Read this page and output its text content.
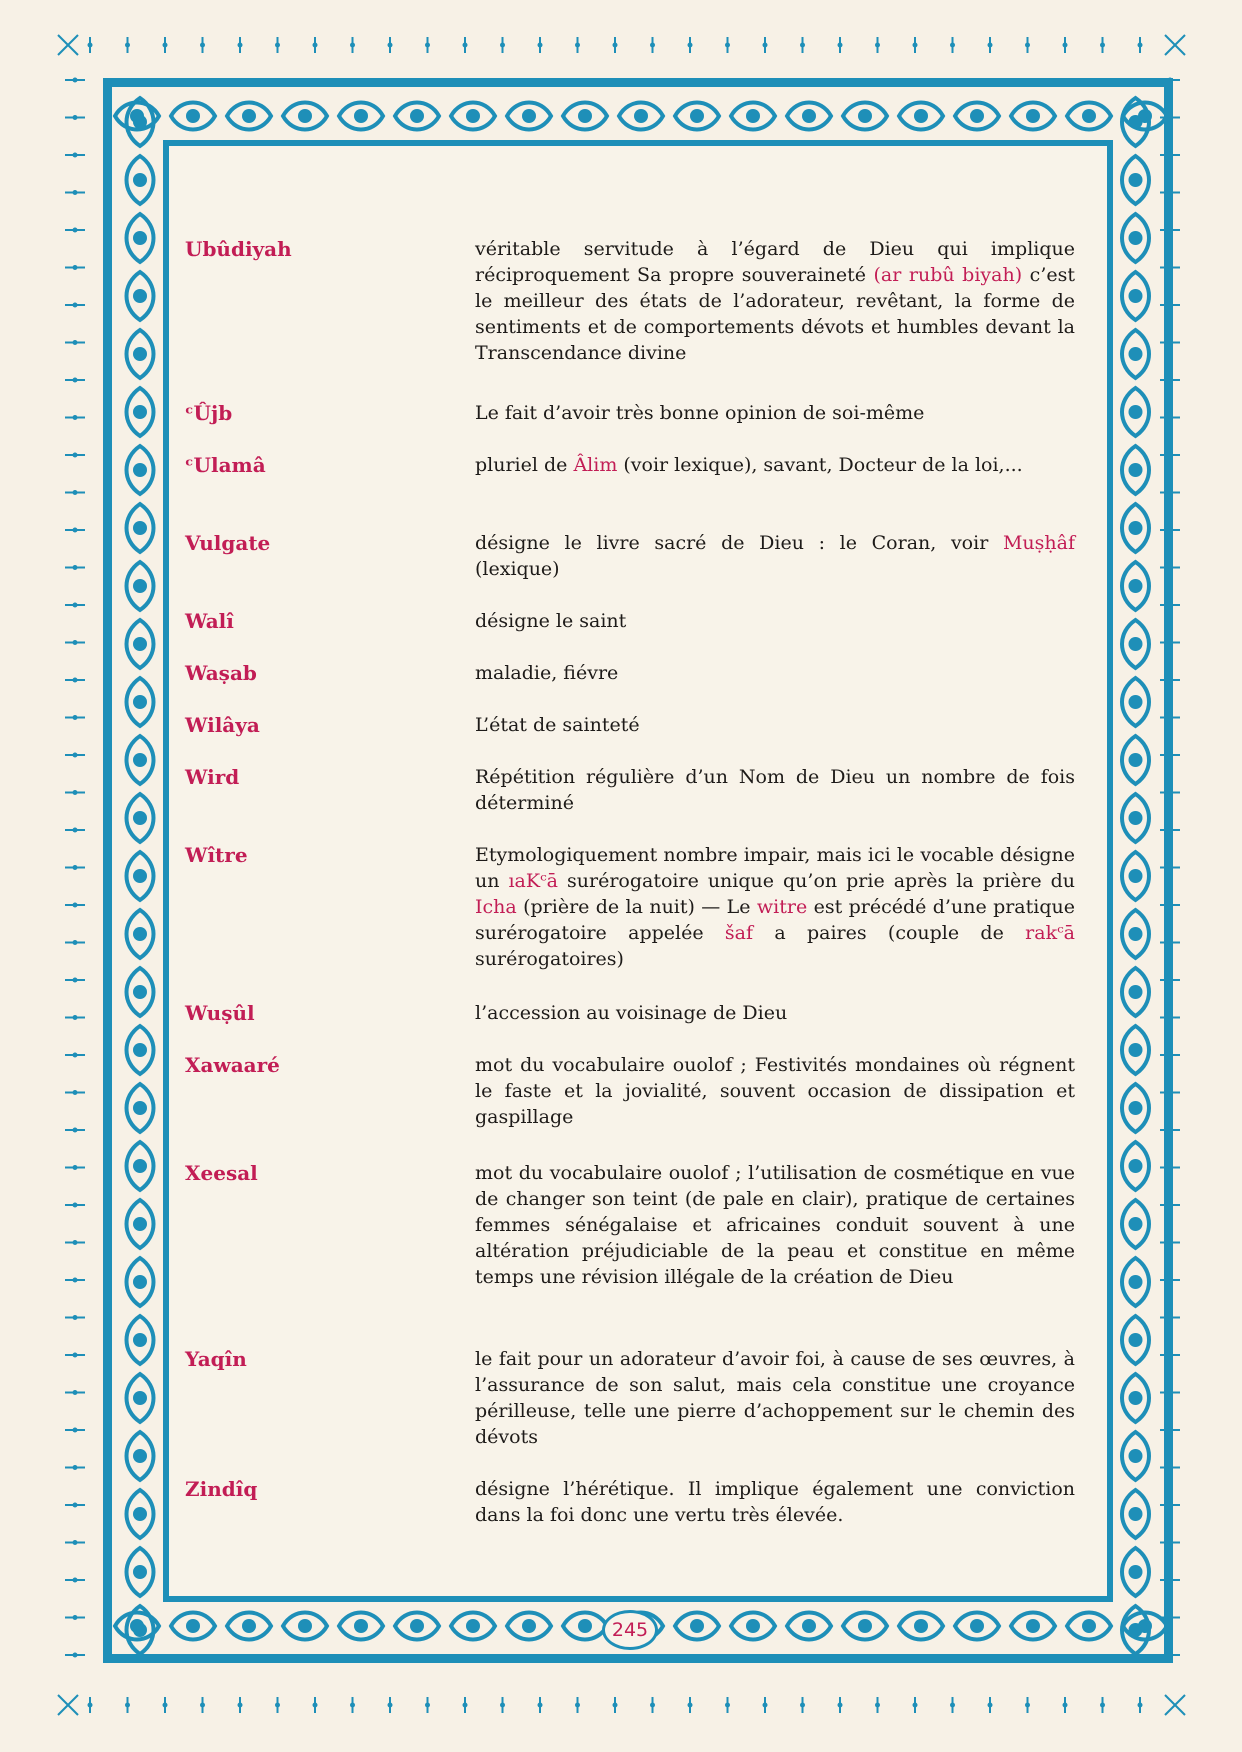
Ubûdiyah	véritable servitude à l’égard de Dieu qui implique réciproquement Sa propre souveraineté (ar rubû biyah) c’est le meilleur des états de l’adorateur, revêtant, la forme de sentiments et de comportements dévots et humbles devant la Transcendance divine
ᶜÛjb	Le fait d’avoir très bonne opinion de soi-même
ᶜUlamâ	pluriel de Âlim (voir lexique), savant, Docteur de la loi,...
Vulgate	désigne le livre sacré de Dieu : le Coran, voir Muṣḥâf (lexique)
Walî	désigne le saint
Waṣab	maladie, fiévre
Wilâya	L’état de sainteté
Wird	Répétition régulière d’un Nom de Dieu un nombre de fois déterminé
Wître	Etymologiquement nombre impair, mais ici le vocable désigne un ıaKᶜā surérogatoire unique qu’on prie après la prière du Icha (prière de la nuit) — Le witre est précédé d’une pratique surérogatoire appelée šaf a paires (couple de rakᶜā surérogatoires)
Wuṣûl	l’accession au voisinage de Dieu
Xawaaré	mot du vocabulaire ouolof ; Festivités mondaines où régnent le faste et la jovialité, souvent occasion de dissipation et gaspillage
Xeesal	mot du vocabulaire ouolof ; l’utilisation de cosmétique en vue de changer son teint (de pale en clair), pratique de certaines femmes sénégalaise et africaines conduit souvent à une altération préjudiciable de la peau et constitue en même temps une révision illégale de la création de Dieu
Yaqîn	le fait pour un adorateur d’avoir foi, à cause de ses œuvres, à l’assurance de son salut, mais cela constitue une croyance périlleuse, telle une pierre d’achoppement sur le chemin des dévots
Zindîq	désigne l’hérétique. Il implique également une conviction dans la foi donc une vertu très élevée.
245
